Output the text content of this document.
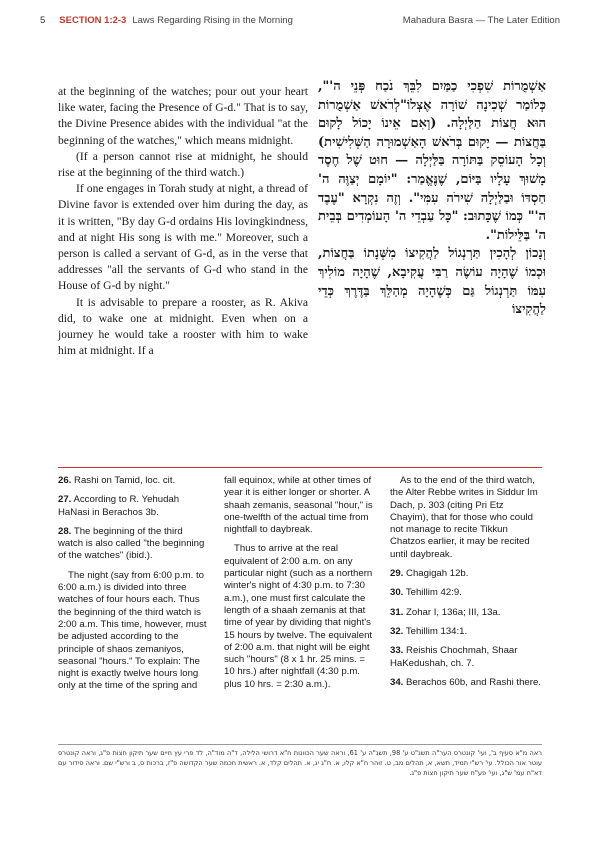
5 SECTION 1:2-3 Laws Regarding Rising in the Morning	Mahadura Basra — The Later Edition

at the beginning of the watches; pour out your heart like water, facing the Presence of G-d." That is to say, the Divine Presence abides with the individual "at the beginning of the watches," which means midnight.

(If a person cannot rise at midnight, he should rise at the beginning of the third watch.)

If one engages in Torah study at night, a thread of Divine favor is extended over him during the day, as it is written, "By day G-d ordains His lovingkindness, and at night His song is with me." Moreover, such a person is called a servant of G-d, as in the verse that addresses "all the servants of G-d who stand in the House of G-d by night."

It is advisable to prepare a rooster, as R. Akiva did, to wake one at midnight. Even when on a journey he would take a rooster with him to wake him at midnight. If a

אַשְׁמֻרוֹת שִׁפְכִי כַמַּיִם לִבֵּךְ נֹכַח פְּנֵי ה'", כְּלוֹמַר שְׁכִינָה שׁוֹרָה אֶצְלוֹ"לְרֹאשׁ אַשְׁמֻרוֹת הוּא חֲצוֹת הַלַּיְלָה. (וְאִם אֵינוֹ יָכוֹל לָקוּם בַּחֲצוֹת — יָקוּם בְּרֹאשׁ הָאַשְׁמוּרָה הַשְּׁלִישִׁית) וְכָל הָעוֹסֵק בַּתּוֹרָה בַּלַּיְלָה — חוּט שֶׁל חֶסֶד מָשׁוּךְ עָלָיו בַּיּוֹם, שֶׁנֶּאֱמַר: "יוֹמָם יְצַוֶּה ה' חַסְדּוֹ וּבַלַּיְלָה שִׁירֹה עִמִּי". וְזֶה נִקְרָא "עֶבֶד ה'" כְּמוֹ שֶׁכָּתוּב: "כָּל עַבְדֵי ה' הָעוֹמְדִים בְּבֵית ה' בַּלֵּילוֹת".

וְנָכוֹן לְהָכִין תַּרְנְגוֹל לַהֲקִיצוֹ מִשְּׁנָתוֹ בַּחֲצוֹת, וּכְמוֹ שֶׁהָיָה עוֹשֶׂה רַבִּי עֲקִיבָא, שֶׁהָיָה מוֹלִיךְ עִמּוֹ תַּרְנְגוֹל גַּם כְּשֶׁהָיָה מְהַלֵּךְ בַּדֶּרֶךְ כְּדֵי לַהֲקִיצוֹ

26. Rashi on Tamid, loc. cit.

27. According to R. Yehudah HaNasi in Berachos 3b.

28. The beginning of the third watch is also called "the beginning of the watches" (ibid.).

The night (say from 6:00 p.m. to 6:00 a.m.) is divided into three watches of four hours each. Thus the beginning of the third watch is 2:00 a.m. This time, however, must be adjusted according to the principle of shaos zemaniyos, seasonal "hours." To explain: The night is exactly twelve hours long only at the time of the spring and fall equinox, while at other times of year it is either longer or shorter. A shaah zemanis, seasonal "hour," is one-twelfth of the actual time from nightfall to daybreak.

Thus to arrive at the real equivalent of 2:00 a.m. on any particular night (such as a northern winter's night of 4:30 p.m. to 7:30 a.m.), one must first calculate the length of a shaah zemanis at that time of year by dividing that night's 15 hours by twelve. The equivalent of 2:00 a.m. that night will be eight such "hours" (8 x 1 hr. 25 mins. = 10 hrs.) after nightfall (4:30 p.m. plus 10 hrs. = 2:30 a.m.).

As to the end of the third watch, the Alter Rebbe writes in Siddur Im Dach, p. 303 (citing Pri Etz Chayim), that for those who could not manage to recite Tikkun Chatzos earlier, it may be recited until daybreak.

29. Chagigah 12b.

30. Tehillim 42:9.

31. Zohar I, 136a; III, 13a.

32. Tehillim 134:1.

33. Reishis Chochmah, Shaar HaKedushah, ch. 7.

34. Berachos 60b, and Rashi there.

ראה מ"א סעיף ב', ועי' קונטרס הער"ה תשנ"ט ע' 98, תשנ"ה ע' 61, וראה שער הכוונות ח"א דרושי הלילה, ד"ה מוד"ה, לד פרי עץ חיים שער תיקון חצות פ"ג, וראה קונטרס עוטר אור הכולל. עי' רש"י תמיד, תשא, א, תהלים מב, ט. זוהר ח"א קלו, א. ח"ג יג, א. תהלים קלד, א. ראשית חכמה שער הקדושה פ"ז, ברכות ס, ב ורש"י שם. וראה סידור עם דא"ח עמ' ש"ג, ועי' פע"ח שער תיקון חצות פ"ג.
